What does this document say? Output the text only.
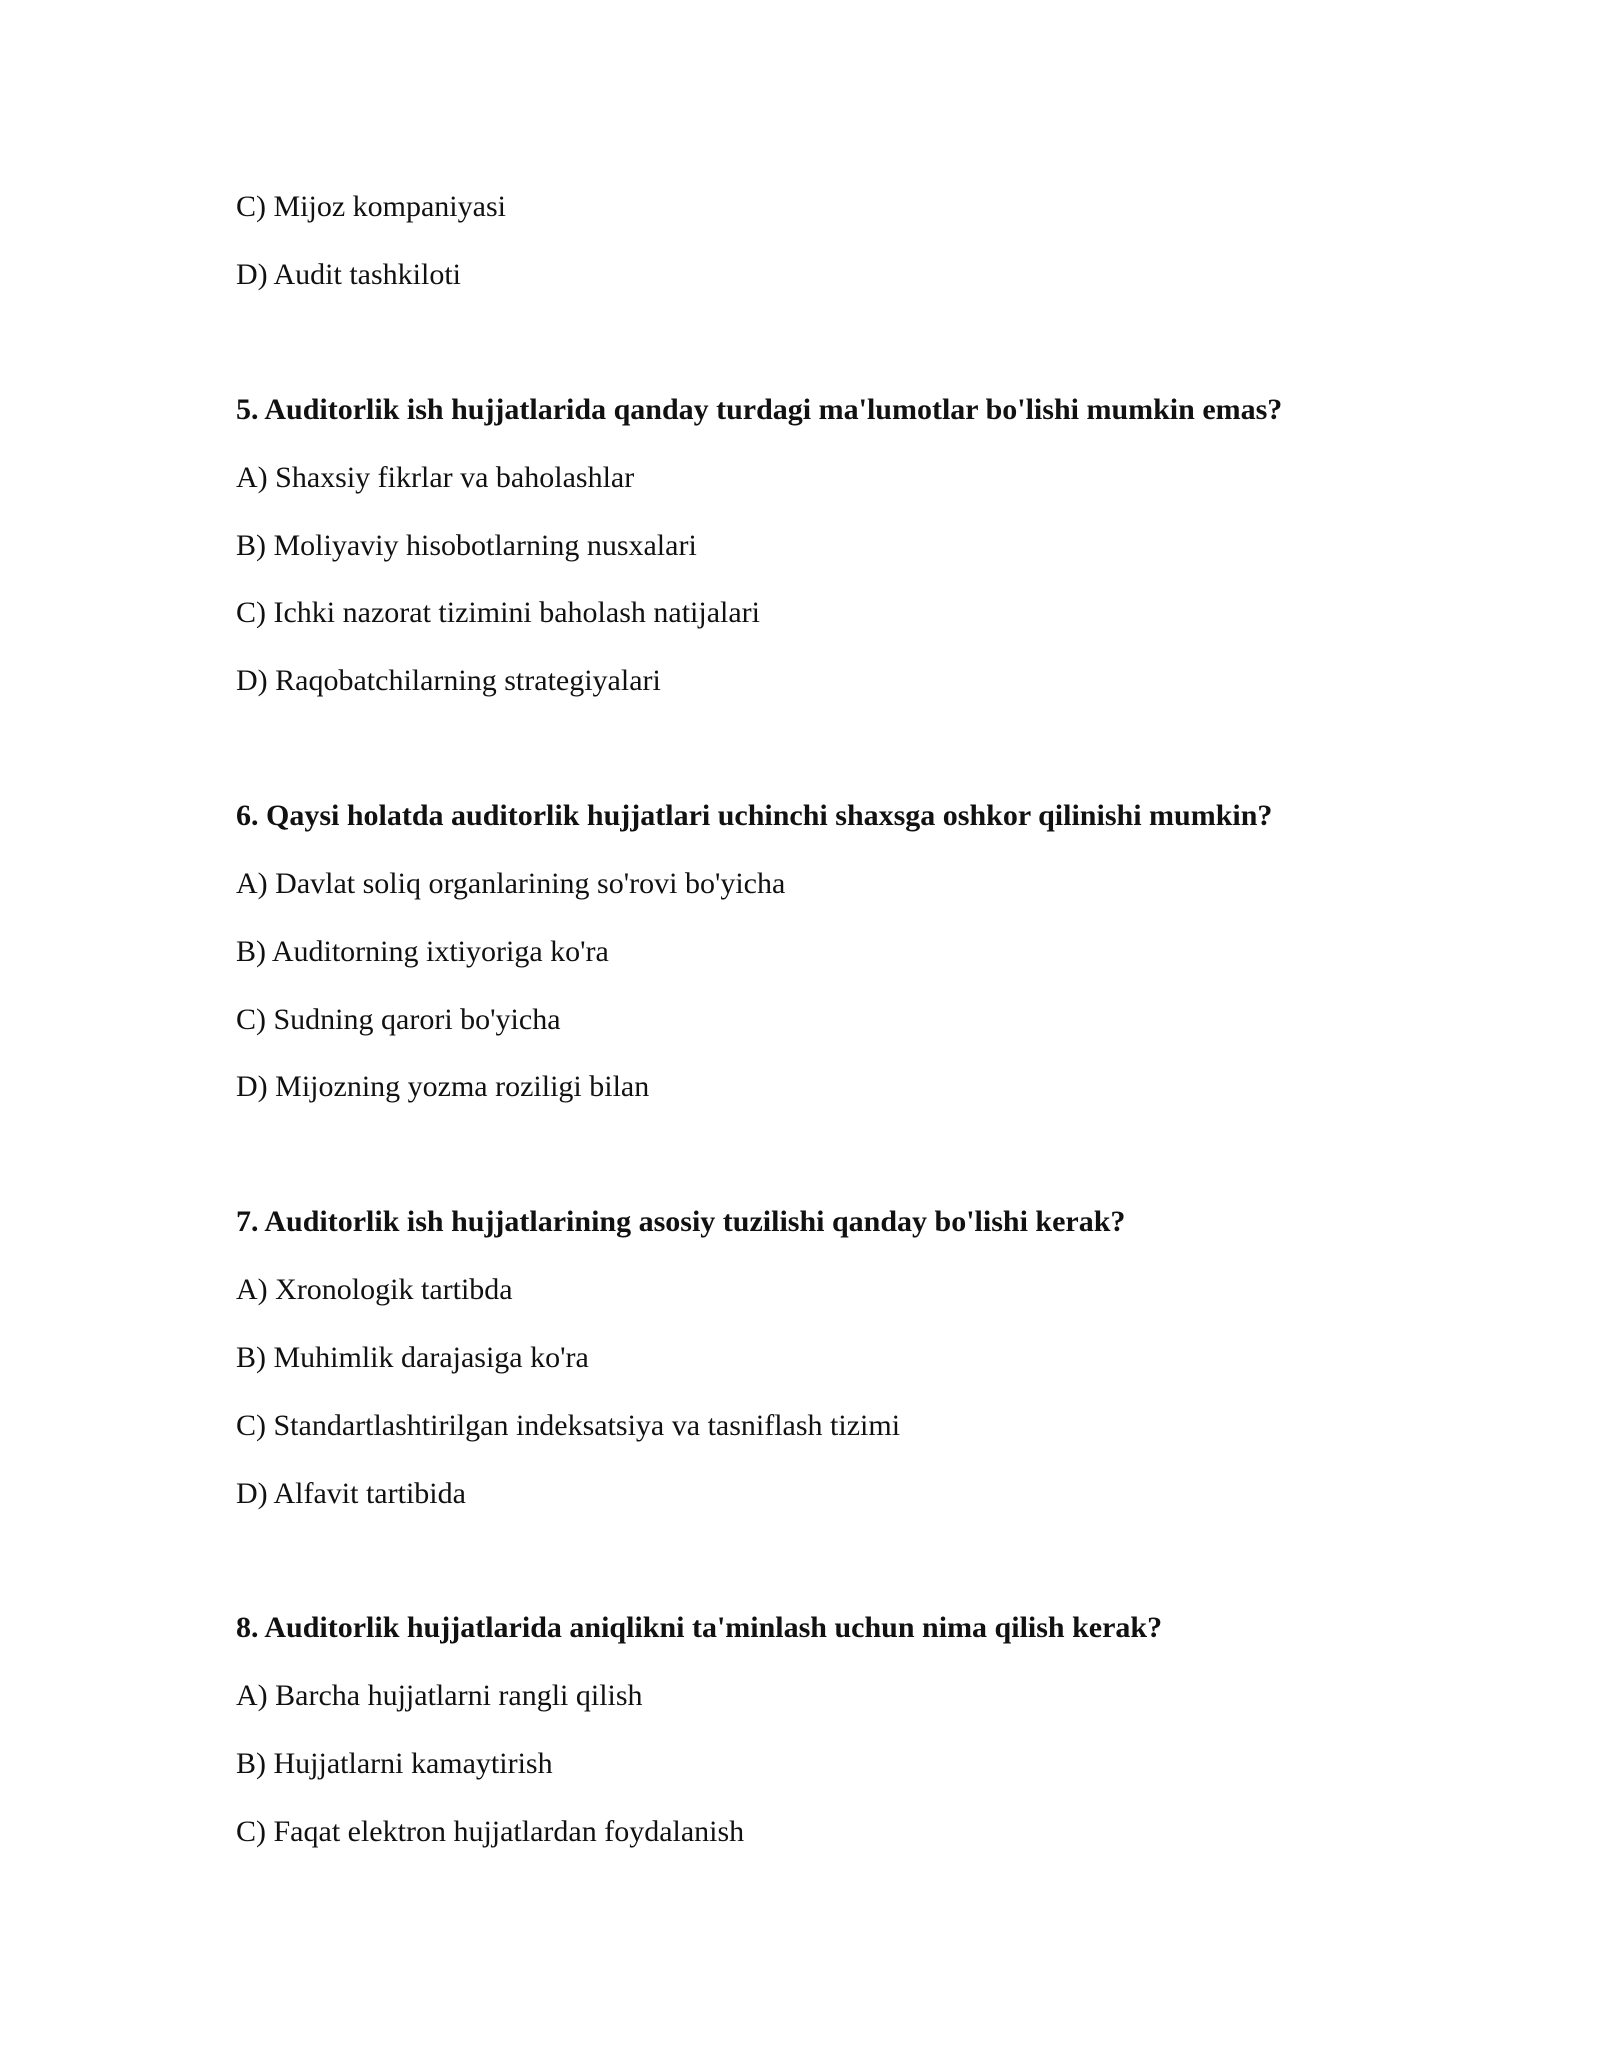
C) Mijoz kompaniyasi
D) Audit tashkiloti
5. Auditorlik ish hujjatlarida qanday turdagi ma'lumotlar bo'lishi mumkin emas?
A) Shaxsiy fikrlar va baholashlar
B) Moliyaviy hisobotlarning nusxalari
C) Ichki nazorat tizimini baholash natijalari
D) Raqobatchilarning strategiyalari
6. Qaysi holatda auditorlik hujjatlari uchinchi shaxsga oshkor qilinishi mumkin?
A) Davlat soliq organlarining so'rovi bo'yicha
B) Auditorning ixtiyoriga ko'ra
C) Sudning qarori bo'yicha
D) Mijozning yozma roziligi bilan
7. Auditorlik ish hujjatlarining asosiy tuzilishi qanday bo'lishi kerak?
A) Xronologik tartibda
B) Muhimlik darajasiga ko'ra
C) Standartlashtirilgan indeksatsiya va tasniflash tizimi
D) Alfavit tartibida
8. Auditorlik hujjatlarida aniqlikni ta'minlash uchun nima qilish kerak?
A) Barcha hujjatlarni rangli qilish
B) Hujjatlarni kamaytirish
C) Faqat elektron hujjatlardan foydalanish
